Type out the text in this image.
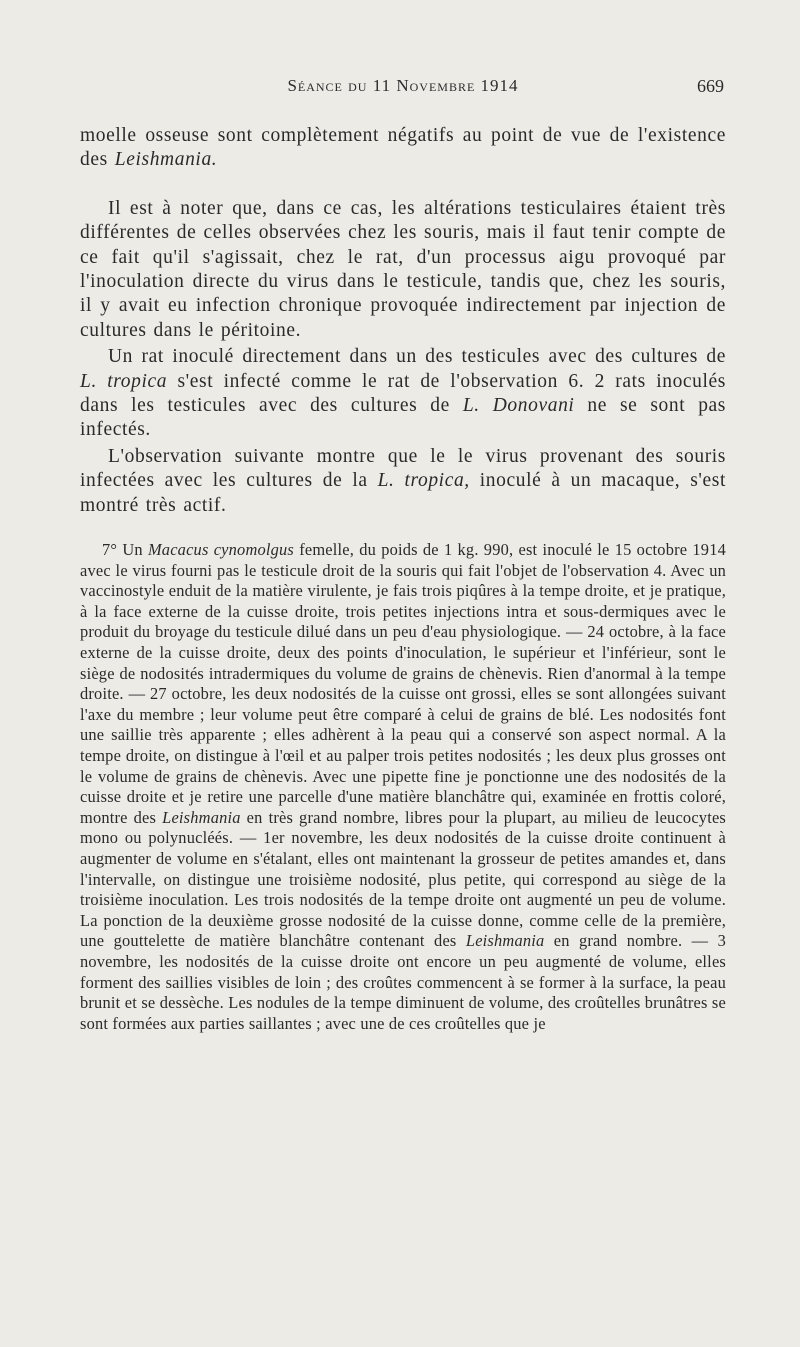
Séance du 11 Novembre 1914	669

moelle osseuse sont complètement négatifs au point de vue de l'existence des Leishmania.

Il est à noter que, dans ce cas, les altérations testiculaires étaient très différentes de celles observées chez les souris, mais il faut tenir compte de ce fait qu'il s'agissait, chez le rat, d'un processus aigu provoqué par l'inoculation directe du virus dans le testicule, tandis que, chez les souris, il y avait eu infection chronique provoquée indirectement par injection de cultures dans le péritoine.

Un rat inoculé directement dans un des testicules avec des cultures de L. tropica s'est infecté comme le rat de l'observation 6. 2 rats inoculés dans les testicules avec des cultures de L. Donovani ne se sont pas infectés.

L'observation suivante montre que le le virus provenant des souris infectées avec les cultures de la L. tropica, inoculé à un macaque, s'est montré très actif.

7° Un Macacus cynomolgus femelle, du poids de 1 kg. 990, est inoculé le 15 octobre 1914 avec le virus fourni pas le testicule droit de la souris qui fait l'objet de l'observation 4. Avec un vaccinostyle enduit de la matière virulente, je fais trois piqûres à la tempe droite, et je pratique, à la face externe de la cuisse droite, trois petites injections intra et sous-dermiques avec le produit du broyage du testicule dilué dans un peu d'eau physiologique. — 24 octobre, à la face externe de la cuisse droite, deux des points d'inoculation, le supérieur et l'inférieur, sont le siège de nodosités intradermiques du volume de grains de chènevis. Rien d'anormal à la tempe droite. — 27 octobre, les deux nodosités de la cuisse ont grossi, elles se sont allongées suivant l'axe du membre ; leur volume peut être comparé à celui de grains de blé. Les nodosités font une saillie très apparente ; elles adhèrent à la peau qui a conservé son aspect normal. A la tempe droite, on distingue à l'œil et au palper trois petites nodosités ; les deux plus grosses ont le volume de grains de chènevis. Avec une pipette fine je ponctionne une des nodosités de la cuisse droite et je retire une parcelle d'une matière blanchâtre qui, examinée en frottis coloré, montre des Leishmania en très grand nombre, libres pour la plupart, au milieu de leucocytes mono ou polynucléés. — 1er novembre, les deux nodosités de la cuisse droite continuent à augmenter de volume en s'étalant, elles ont maintenant la grosseur de petites amandes et, dans l'intervalle, on distingue une troisième nodosité, plus petite, qui correspond au siège de la troisième inoculation. Les trois nodosités de la tempe droite ont augmenté un peu de volume. La ponction de la deuxième grosse nodosité de la cuisse donne, comme celle de la première, une gouttelette de matière blanchâtre contenant des Leishmania en grand nombre. — 3 novembre, les nodosités de la cuisse droite ont encore un peu augmenté de volume, elles forment des saillies visibles de loin ; des croûtes commencent à se former à la surface, la peau brunit et se dessèche. Les nodules de la tempe diminuent de volume, des croûtelles brunâtres se sont formées aux parties saillantes ; avec une de ces croûtelles que je
